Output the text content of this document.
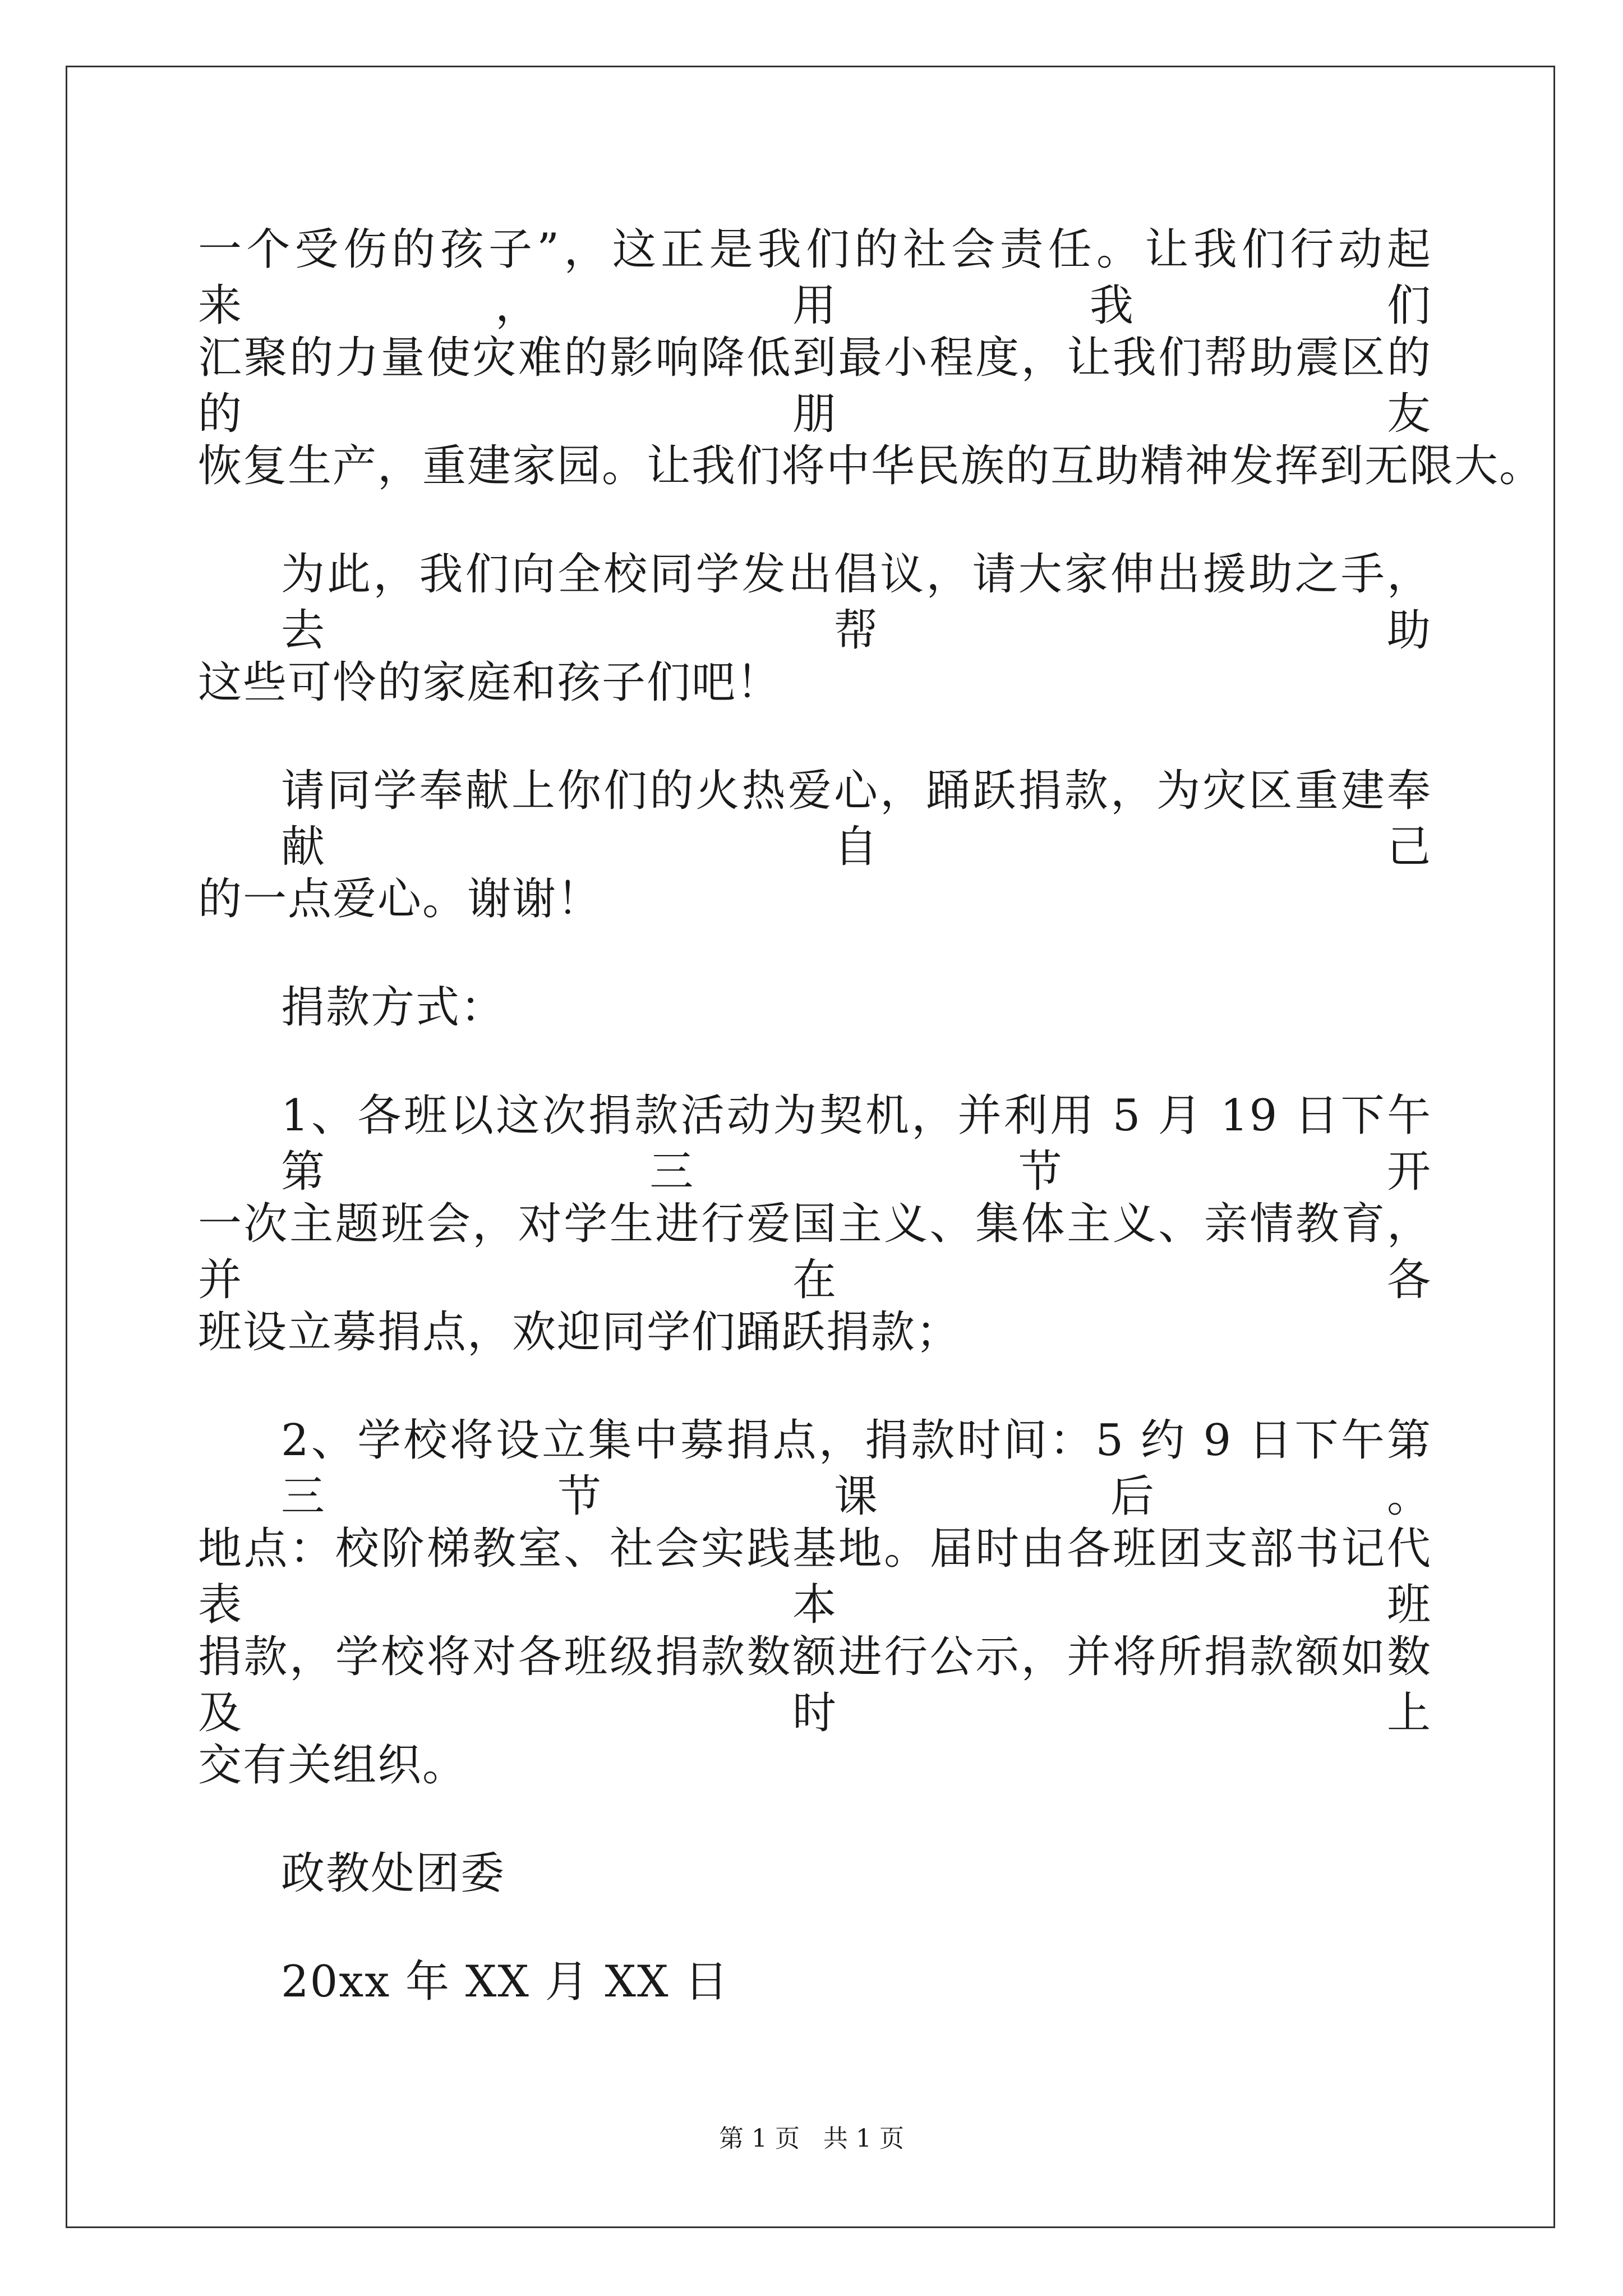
一个受伤的孩子”，这正是我们的社会责任。让我们行动起来，用我们
汇聚的力量使灾难的影响降低到最小程度，让我们帮助震区的的朋友
恢复生产，重建家园。让我们将中华民族的互助精神发挥到无限大。
为此，我们向全校同学发出倡议，请大家伸出援助之手，去帮助
这些可怜的家庭和孩子们吧！
请同学奉献上你们的火热爱心，踊跃捐款，为灾区重建奉献自己
的一点爱心。谢谢！
捐款方式：
1、各班以这次捐款活动为契机，并利用 5 月 19 日下午第三节开
一次主题班会，对学生进行爱国主义、集体主义、亲情教育，并在各
班设立募捐点，欢迎同学们踊跃捐款；
2、学校将设立集中募捐点，捐款时间：5 约 9 日下午第三节课后。
地点：校阶梯教室、社会实践基地。届时由各班团支部书记代表本班
捐款，学校将对各班级捐款数额进行公示，并将所捐款额如数及时上
交有关组织。
政教处团委
20xx 年 XX 月 XX 日
第 1 页 共 1 页
